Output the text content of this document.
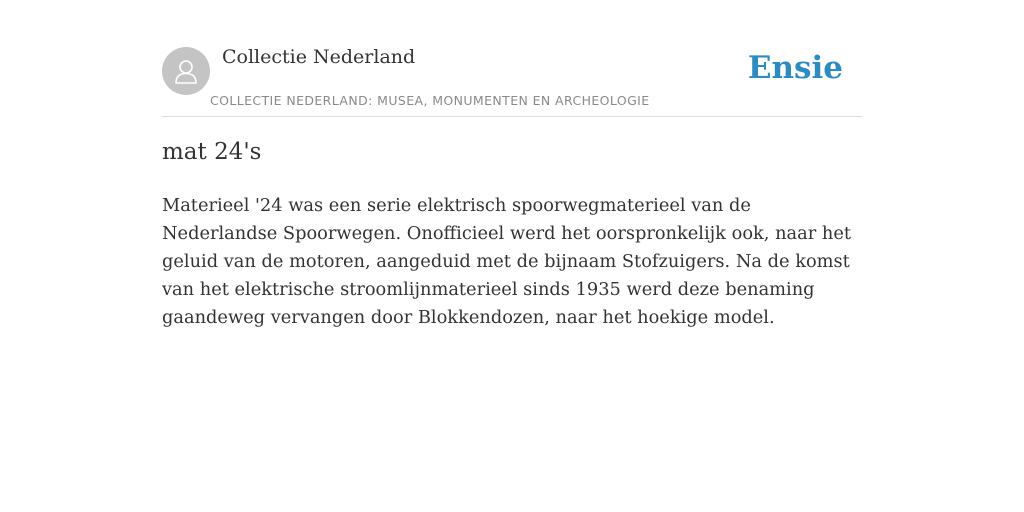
Collectie Nederland
COLLECTIE NEDERLAND: MUSEA, MONUMENTEN EN ARCHEOLOGIE
Ensie
mat 24's

Materieel '24 was een serie elektrisch spoorwegmaterieel van de Nederlandse Spoorwegen. Onofficieel werd het oorspronkelijk ook, naar het geluid van de motoren, aangeduid met de bijnaam Stofzuigers. Na de komst van het elektrische stroomlijnmaterieel sinds 1935 werd deze benaming gaandeweg vervangen door Blokkendozen, naar het hoekige model.
